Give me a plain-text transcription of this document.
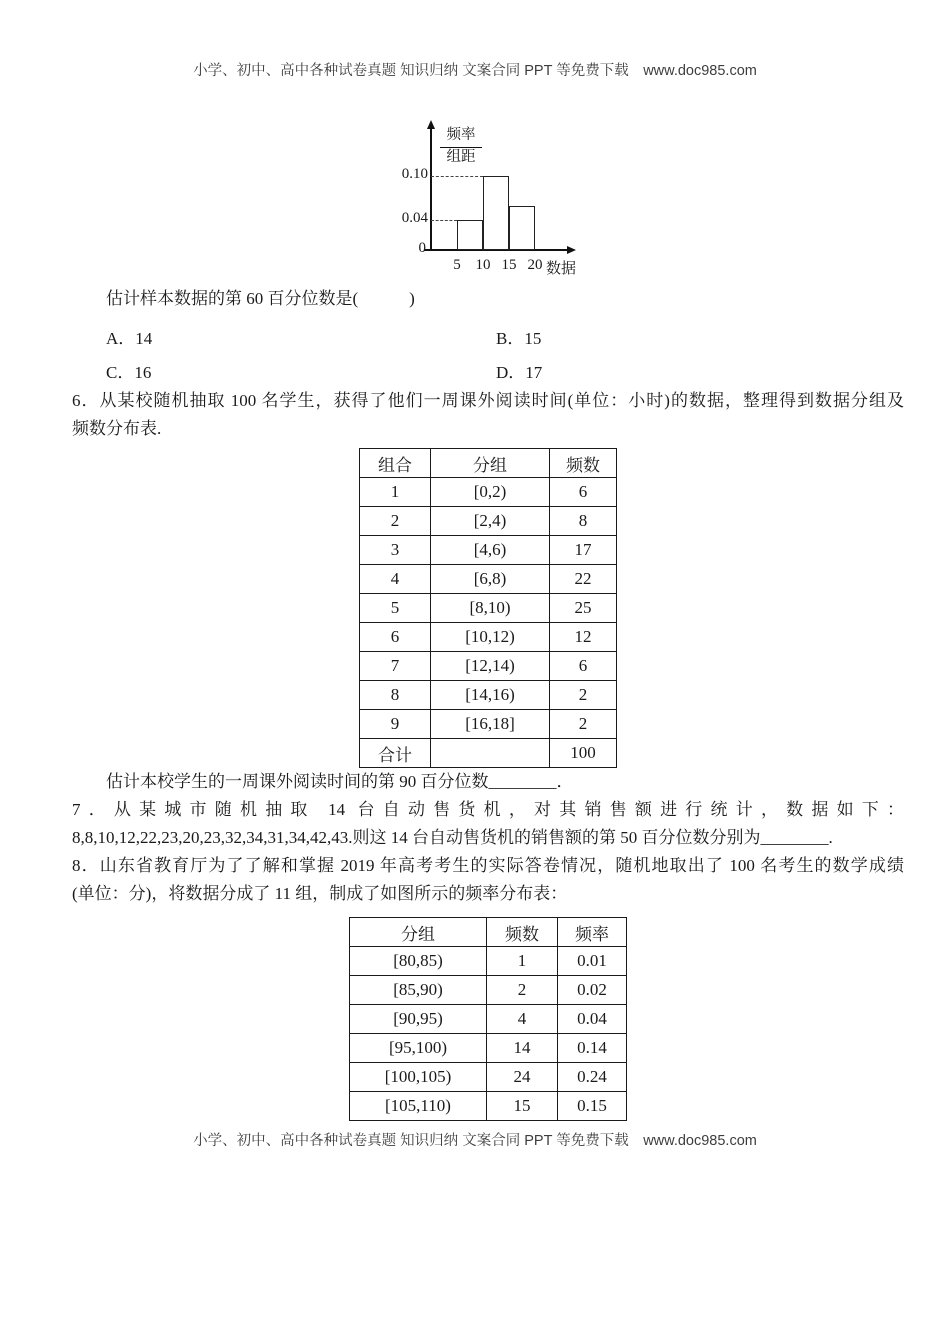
小学、初中、高中各种试卷真题 知识归纳 文案合同 PPT 等免费下载　www.doc985.com
频率
组距
数据
0
0.10
0.04
5 10 15 20

估计样本数据的第 60 百分位数是(　　　)

A．14	B．15
C．16	D．17

6．从某校随机抽取 100 名学生，获得了他们一周课外阅读时间(单位：小时)的数据，整理得到数据分组及

频数分布表.

组合	分组	频数
1	[0,2)	6
2	[2,4)	8
3	[4,6)	17
4	[6,8)	22
5	[8,10)	25
6	[10,12)	12
7	[12,14)	6
8	[14,16)	2
9	[16,18]	2
合计		100

估计本校学生的一周课外阅读时间的第 90 百分位数________．

7．从某城市随机抽取 14 台自动售货机，对其销售额进行统计，数据如下：

8,8,10,12,22,23,20,23,32,34,31,34,42,43.则这 14 台自动售货机的销售额的第 50 百分位数分别为________.

8．山东省教育厅为了了解和掌握 2019 年高考考生的实际答卷情况，随机地取出了 100 名考生的数学成绩

(单位：分)，将数据分成了 11 组，制成了如图所示的频率分布表：

分组	频数	频率
[80,85)	1	0.01
[85,90)	2	0.02
[90,95)	4	0.04
[95,100)	14	0.14
[100,105)	24	0.24
[105,110)	15	0.15
小学、初中、高中各种试卷真题 知识归纳 文案合同 PPT 等免费下载　www.doc985.com
